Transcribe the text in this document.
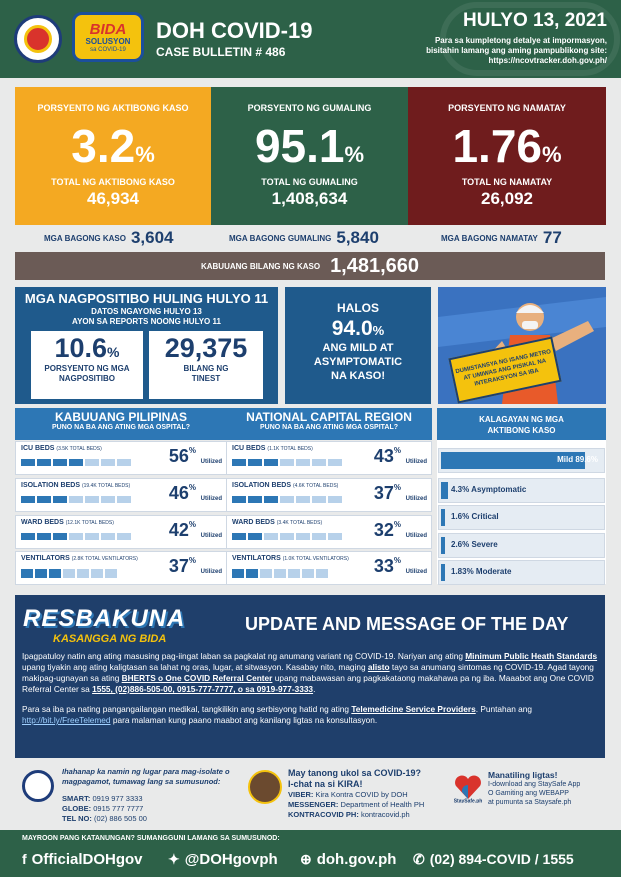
BIDA
SOLUSYON
sa COVID-19
DOH COVID-19
CASE BULLETIN # 486
HULYO 13, 2021
Para sa kumpletong detalye at impormasyon,
bisitahin lamang ang aming pampublikong site:
https://ncovtracker.doh.gov.ph/
PORSYENTO NG AKTIBONG KASO
3.2%
TOTAL NG AKTIBONG KASO
46,934
PORSYENTO NG GUMALING
95.1%
TOTAL NG GUMALING
1,408,634
PORSYENTO NG NAMATAY
1.76%
TOTAL NG NAMATAY
26,092
MGA BAGONG KASO 3,604	MGA BAGONG GUMALING 5,840	MGA BAGONG NAMATAY 77
KABUUANG BILANG NG KASO 1,481,660
MGA NAGPOSITIBO HULING HULYO 11
DATOS NGAYONG HULYO 13
AYON SA REPORTS NOONG HULYO 11
10.6%
PORSYENTO NG MGA
NAGPOSITIBO
29,375
BILANG NG
TINEST
HALOS
94.0%
ANG MILD AT
ASYMPTOMATIC
NA KASO!
DUMISTANSYA NG ISANG METRO AT UMIWAS ANG PISIKAL NA INTERAKSYON SA IBA
KABUUANG PILIPINAS
PUNO NA BA ANG ATING MGA OSPITAL?
NATIONAL CAPITAL REGION
PUNO NA BA ANG ATING MGA OSPITAL?
ICU BEDS (3.5K TOTAL BEDS)	56%
Utilized
ISOLATION BEDS (19.4K TOTAL BEDS) 46%
Utilized
WARD BEDS (12.1K TOTAL BEDS)	42%
Utilized
VENTILATORS (2.8K TOTAL VENTILATORS) 37%
Utilized
ICU BEDS (1.1K TOTAL BEDS)	43%
Utilized
ISOLATION BEDS (4.6K TOTAL BEDS) 37%
Utilized
WARD BEDS (3.4K TOTAL BEDS)	32%
Utilized
VENTILATORS (1.0K TOTAL VENTILATORS) 33%
Utilized
KALAGAYAN NG MGA
AKTIBONG KASO
Mild 89.6%
4.3% Asymptomatic
1.6% Critical
2.6% Severe
1.83% Moderate
RESBAKUNA
KASANGGA NG BIDA
UPDATE AND MESSAGE OF THE DAY

Ipagpatuloy natin ang ating masusing pag-iingat laban sa pagkalat ng anumang variant ng COVID-19. Nariyan ang ating Minimum Public Heath Standards upang tiyakin ang ating kaligtasan sa lahat ng oras, lugar, at sitwasyon. Kasabay nito, maging alisto tayo sa anumang sintomas ng COVID-19. Agad tayong makipag-ugnayan sa ating BHERTS o One COVID Referral Center upang mabawasan ang pagkakataong makahawa pa ng iba. Maaabot ang One COVID Referral Center sa 1555, (02)886-505-00, 0915-777-7777, o sa 0919-977-3333.

Para sa iba pa nating pangangailangan medikal, tangkilikin ang serbisyong hatid ng ating Telemedicine Service Providers. Puntahan ang http://bit.ly/FreeTelemed para malaman kung paano maabot ang kanilang ligtas na konsultasyon.

Ihahanap ka namin ng lugar para mag-isolate o magpagamot, tumawag lang sa sumusunod:
SMART: 0919 977 3333
GLOBE: 0915 777 7777
TEL NO: (02) 886 505 00
May tanong ukol sa COVID-19?
I-chat na si KIRA!
VIBER: Kira Kontra COVID by DOH
MESSENGER: Department of Health PH
KONTRACOVID PH: kontracovid.ph
StaySafe.ph
Manatiling ligtas!
I-download ang StaySafe App
O Gamiting ang WEBAPP
at pumunta sa Staysafe.ph
MAYROON PANG KATANUNGAN? SUMANGGUNI LAMANG SA SUMUSUNOD:
f OfficialDOHgov ✦ @DOHgovph ⊕ doh.gov.ph ✆ (02) 894-COVID / 1555
